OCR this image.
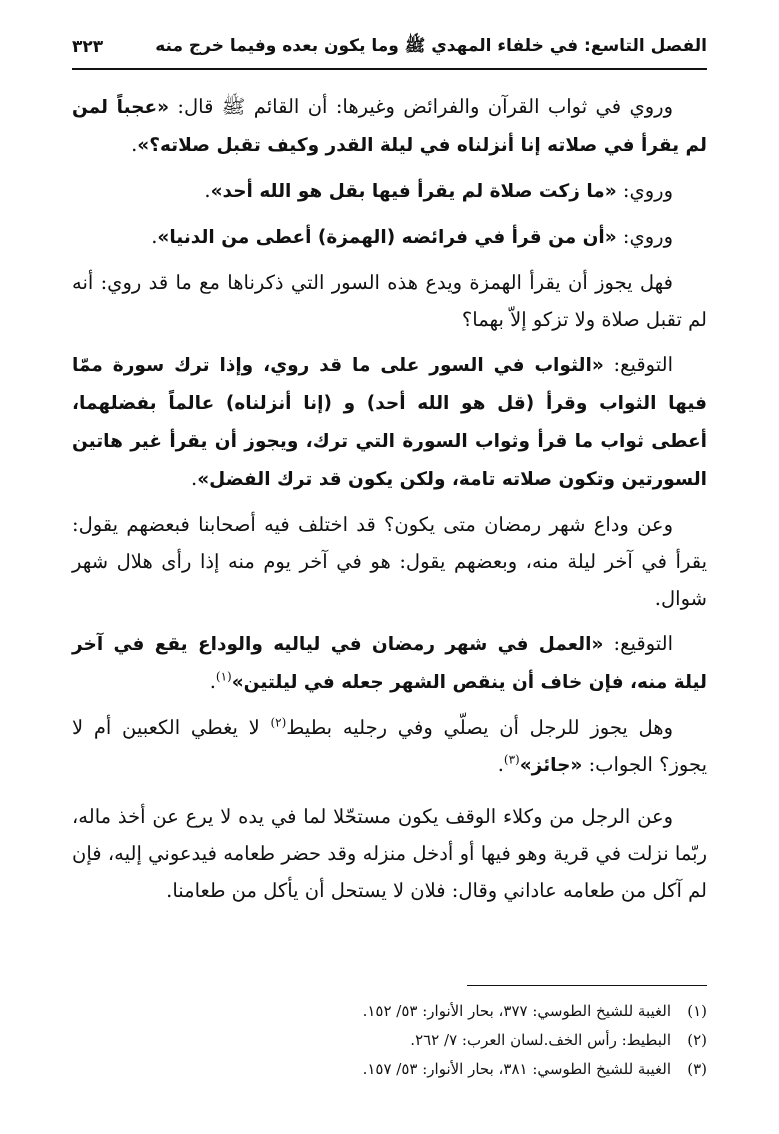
الفصل التاسع: في خلفاء المهدي ﷺ وما يكون بعده وفيما خرج منه
٣٢٣

وروي في ثواب القرآن والفرائض وغيرها: أن القائم ﷺ قال: «عجباً لمن لم يقرأ في صلاته إنا أنزلناه في ليلة القدر وكيف تقبل صلاته؟».

وروي: «ما زكت صلاة لم يقرأ فيها بقل هو الله أحد».

وروي: «أن من قرأ في فرائضه (الهمزة) أعطى من الدنيا».

فهل يجوز أن يقرأ الهمزة ويدع هذه السور التي ذكرناها مع ما قد روي: أنه لم تقبل صلاة ولا تزكو إلاّ بهما؟

التوقيع: «الثواب في السور على ما قد روي، وإذا ترك سورة ممّا فيها الثواب وقرأ (قل هو الله أحد) و (إنا أنزلناه) عالماً بفضلهما، أعطى ثواب ما قرأ وثواب السورة التي ترك، ويجوز أن يقرأ غير هاتين السورتين وتكون صلاته تامة، ولكن يكون قد ترك الفضل».

وعن وداع شهر رمضان متى يكون؟ قد اختلف فيه أصحابنا فبعضهم يقول: يقرأ في آخر ليلة منه، وبعضهم يقول: هو في آخر يوم منه إذا رأى هلال شهر شوال.

التوقيع: «العمل في شهر رمضان في لياليه والوداع يقع في آخر ليلة منه، فإن خاف أن ينقص الشهر جعله في ليلتين»$^{(١)}$.

وهل يجوز للرجل أن يصلّي وفي رجليه بطيط$^{(٢)}$ لا يغطي الكعبين أم لا يجوز؟ الجواب: «جائز»$^{(٣)}$.

وعن الرجل من وكلاء الوقف يكون مستحّلا لما في يده لا يرع عن أخذ ماله، ربّما نزلت في قرية وهو فيها أو أدخل منزله وقد حضر طعامه فيدعوني إليه، فإن لم آكل من طعامه عاداني وقال: فلان لا يستحل أن يأكل من طعامنا.

(١)
الغيبة للشيخ الطوسي: ٣٧٧، بحار الأنوار: ٥٣/ ١٥٢.
(٢)
البطيط: رأس الخف.لسان العرب: ٧/ ٢٦٢.
(٣)
الغيبة للشيخ الطوسي: ٣٨١، بحار الأنوار: ٥٣/ ١٥٧.
